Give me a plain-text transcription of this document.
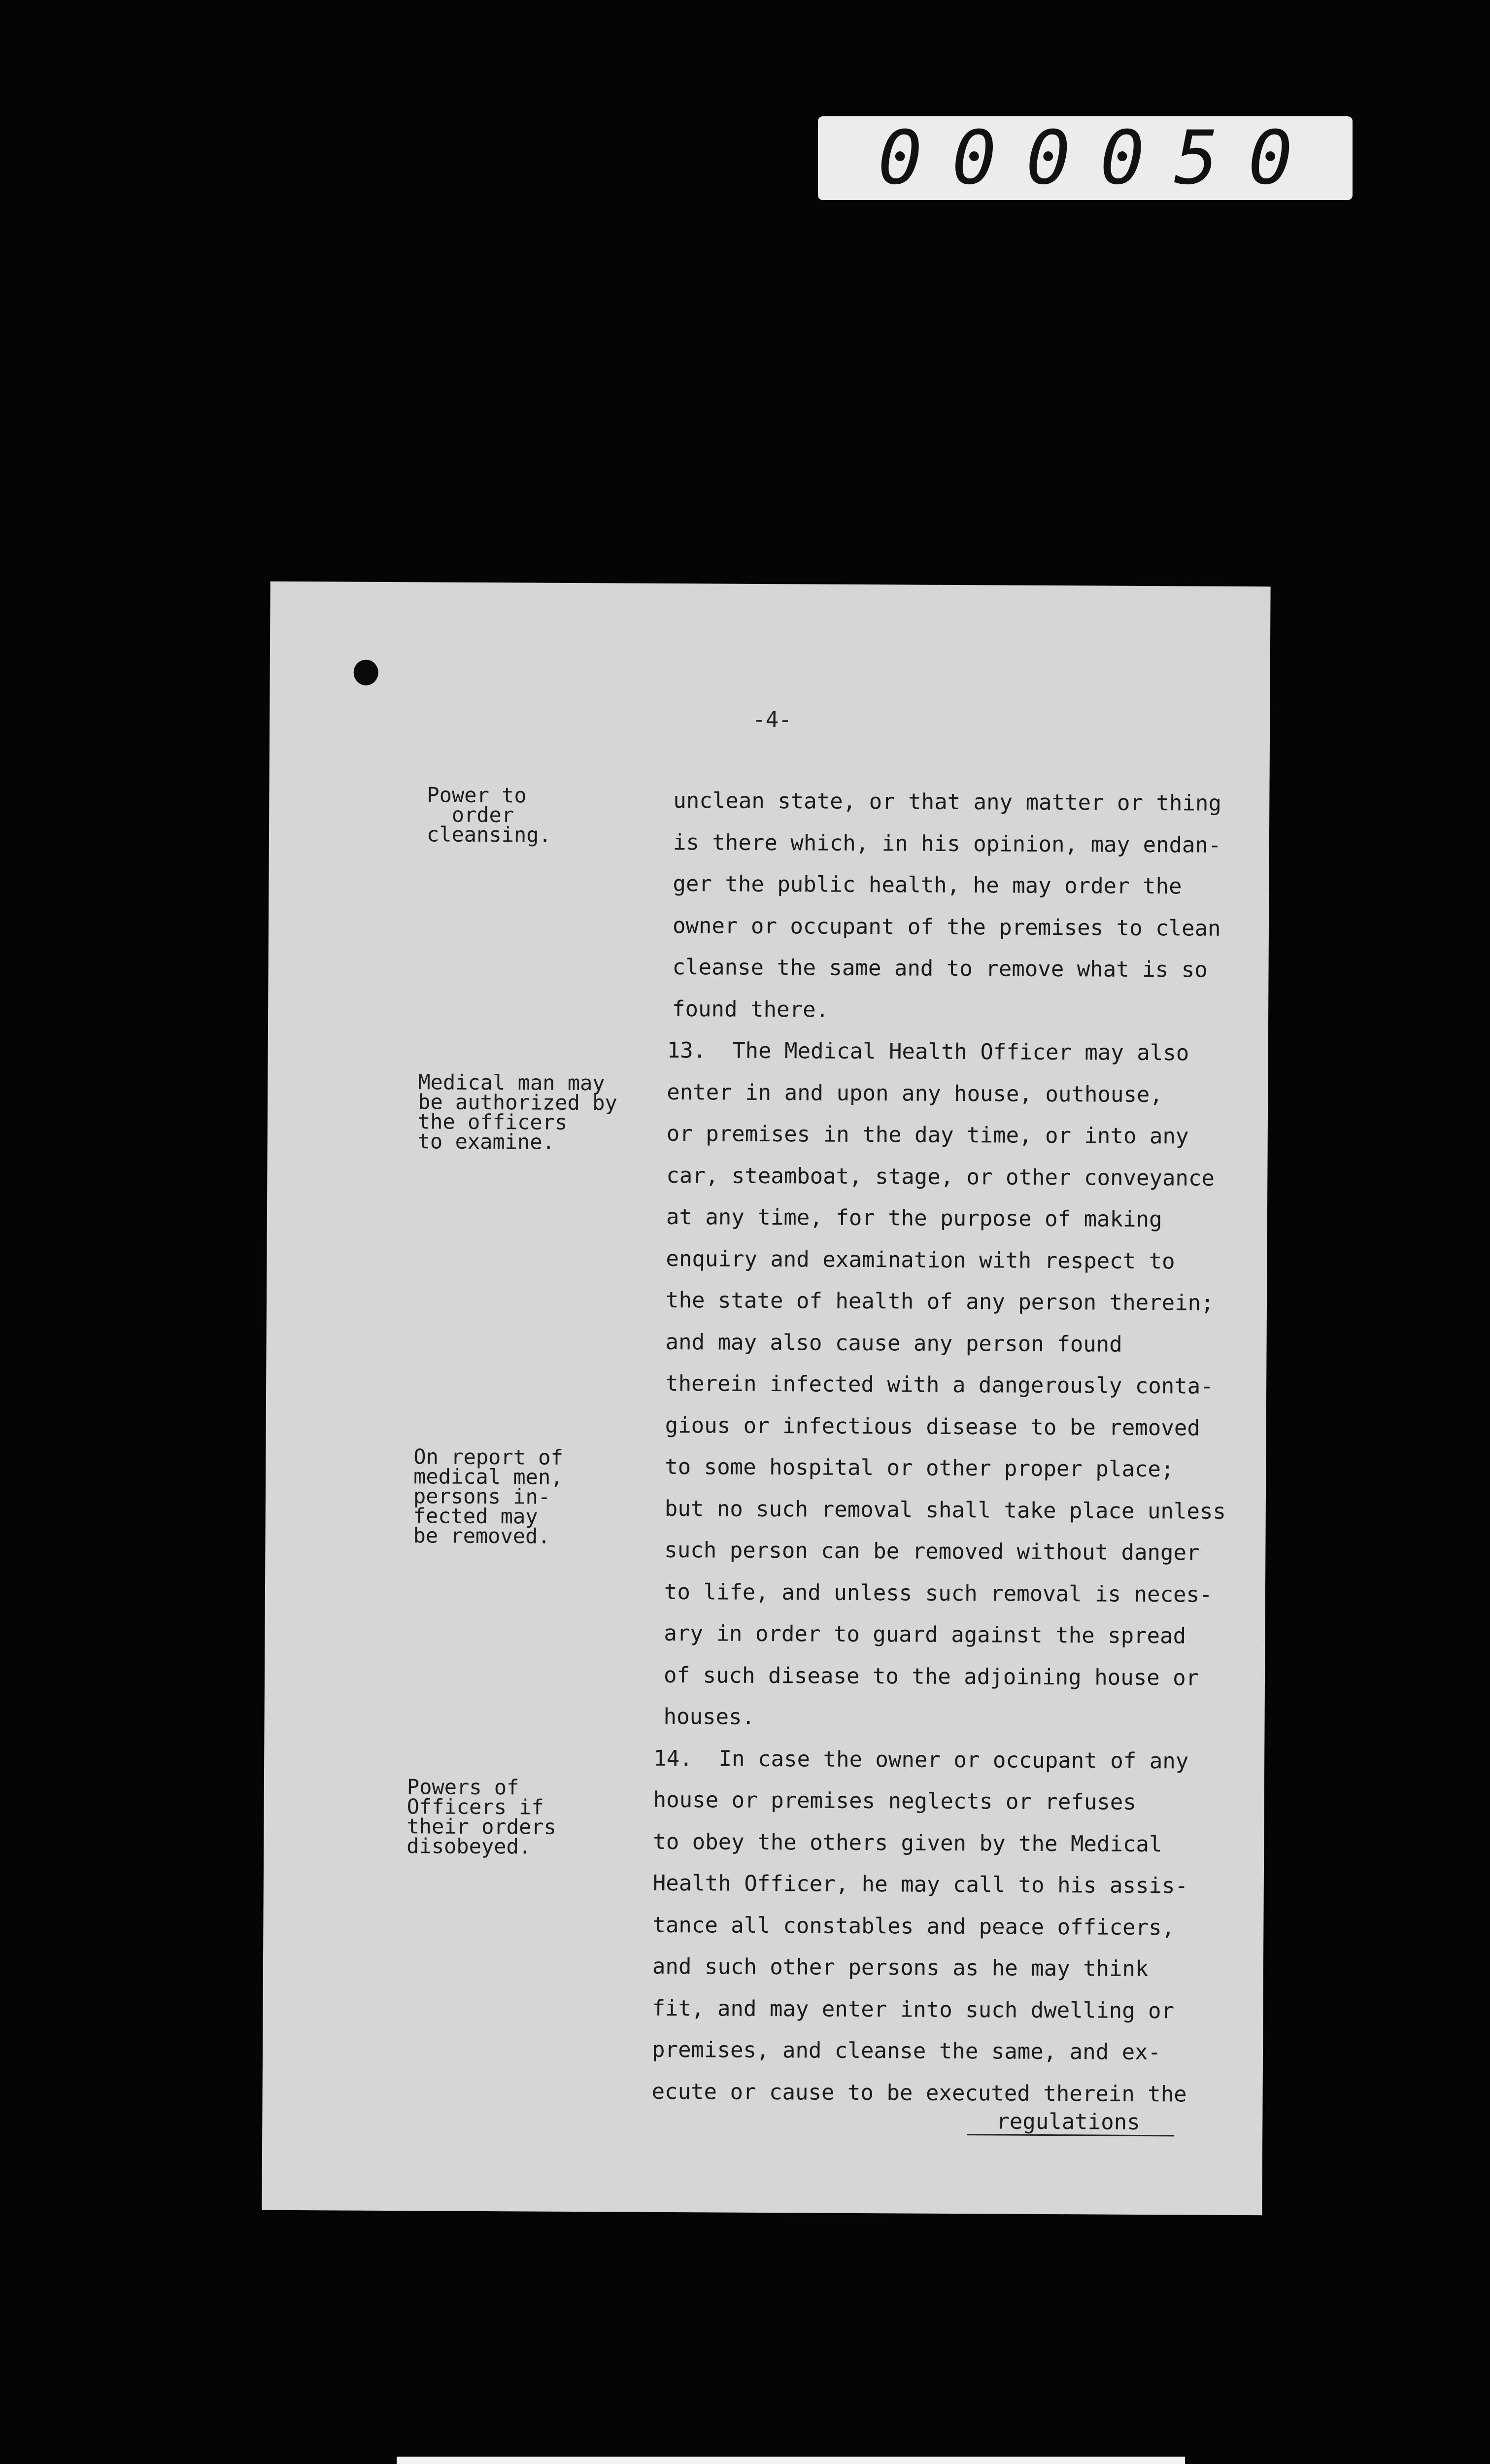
000050
-4-
Power to
order
cleansing.
Medical man may
be authorized by
the officers
to examine.
On report of
medical men,
persons in-
fected may
be removed.
Powers of
Officers if
their orders
disobeyed.
unclean state, or that any matter or thing
is there which, in his opinion, may endan-
ger the public health, he may order the
owner or occupant of the premises to clean
cleanse the same and to remove what is so
found there.
13.  The Medical Health Officer may also
enter in and upon any house, outhouse,
or premises in the day time, or into any
car, steamboat, stage, or other conveyance
at any time, for the purpose of making
enquiry and examination with respect to
the state of health of any person therein;
and may also cause any person found
therein infected with a dangerously conta-
gious or infectious disease to be removed
to some hospital or other proper place;
but no such removal shall take place unless
such person can be removed without danger
to life, and unless such removal is neces-
ary in order to guard against the spread
of such disease to the adjoining house or
houses.
14.  In case the owner or occupant of any
house or premises neglects or refuses
to obey the others given by the Medical
Health Officer, he may call to his assis-
tance all constables and peace officers,
and such other persons as he may think
fit, and may enter into such dwelling or
premises, and cleanse the same, and ex-
ecute or cause to be executed therein the
regulations
